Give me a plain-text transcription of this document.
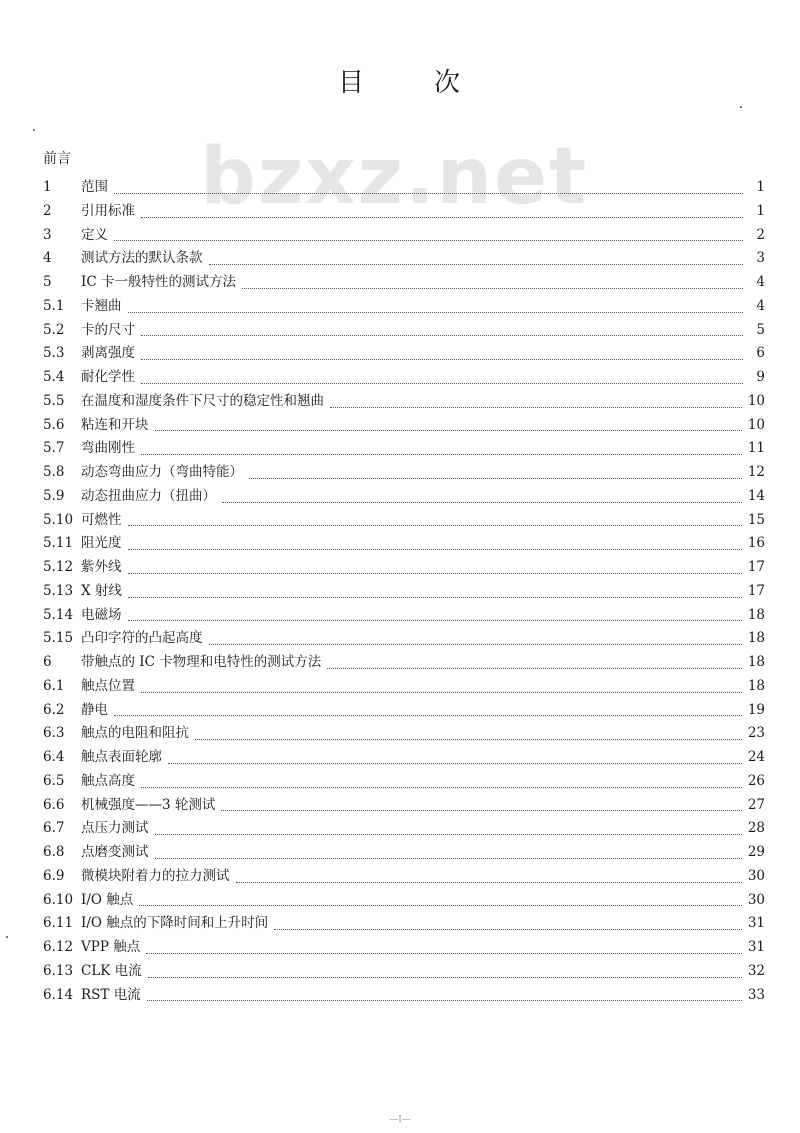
目	次
bzxz.net
前言
1	范围	1
2	引用标准	1
3	定义	2
4	测试方法的默认条款	3
5	IC 卡一般特性的测试方法	4
5.1	卡翘曲	4
5.2	卡的尺寸	5
5.3	剥离强度	6
5.4	耐化学性	9
5.5	在温度和湿度条件下尺寸的稳定性和翘曲	10
5.6	粘连和开块	10
5.7	弯曲刚性	11
5.8	动态弯曲应力（弯曲特能）	12
5.9	动态扭曲应力（扭曲）	14
5.10 可燃性	15
5.11 阻光度	16
5.12 紫外线	17
5.13 X 射线	17
5.14 电磁场	18
5.15 凸印字符的凸起高度	18
6	带触点的 IC 卡物理和电特性的测试方法	18
6.1	触点位置	18
6.2	静电	19
6.3	触点的电阻和阻抗	23
6.4	触点表面轮廓	24
6.5	触点高度	26
6.6	机械强度——3 轮测试	27
6.7	点压力测试	28
6.8	点磨变测试	29
6.9	微模块附着力的拉力测试	30
6.10 I/O 触点	30
6.11 I/O 触点的下降时间和上升时间	31
6.12 VPP 触点	31
6.13 CLK 电流	32
6.14 RST 电流	33
—I—
